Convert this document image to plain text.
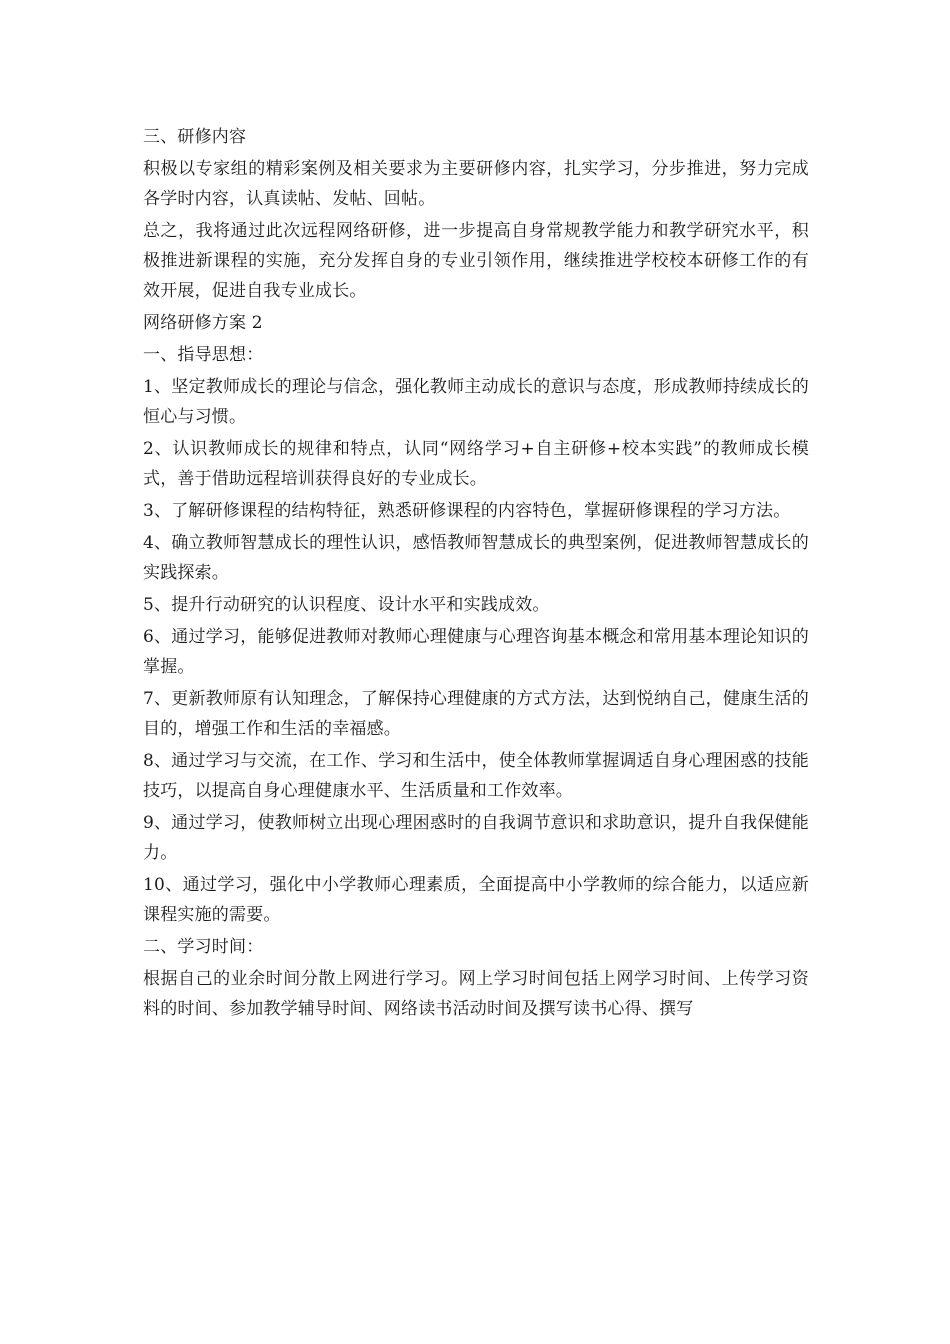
三、研修内容

积极以专家组的精彩案例及相关要求为主要研修内容，扎实学习，分步推进，努力完成各学时内容，认真读帖、发帖、回帖。

总之，我将通过此次远程网络研修，进一步提高自身常规教学能力和教学研究水平，积极推进新课程的实施，充分发挥自身的专业引领作用，继续推进学校校本研修工作的有效开展，促进自我专业成长。

网络研修方案 2

一、指导思想：

1、坚定教师成长的理论与信念，强化教师主动成长的意识与态度，形成教师持续成长的恒心与习惯。

2、认识教师成长的规律和特点，认同“网络学习+自主研修+校本实践”的教师成长模式，善于借助远程培训获得良好的专业成长。

3、了解研修课程的结构特征，熟悉研修课程的内容特色，掌握研修课程的学习方法。

4、确立教师智慧成长的理性认识，感悟教师智慧成长的典型案例，促进教师智慧成长的实践探索。

5、提升行动研究的认识程度、设计水平和实践成效。

6、通过学习，能够促进教师对教师心理健康与心理咨询基本概念和常用基本理论知识的掌握。

7、更新教师原有认知理念，了解保持心理健康的方式方法，达到悦纳自己，健康生活的目的，增强工作和生活的幸福感。

8、通过学习与交流，在工作、学习和生活中，使全体教师掌握调适自身心理困惑的技能技巧，以提高自身心理健康水平、生活质量和工作效率。

9、通过学习，使教师树立出现心理困惑时的自我调节意识和求助意识，提升自我保健能力。

10、通过学习，强化中小学教师心理素质，全面提高中小学教师的综合能力，以适应新课程实施的需要。

二、学习时间：

根据自己的业余时间分散上网进行学习。网上学习时间包括上网学习时间、上传学习资料的时间、参加教学辅导时间、网络读书活动时间及撰写读书心得、撰写
